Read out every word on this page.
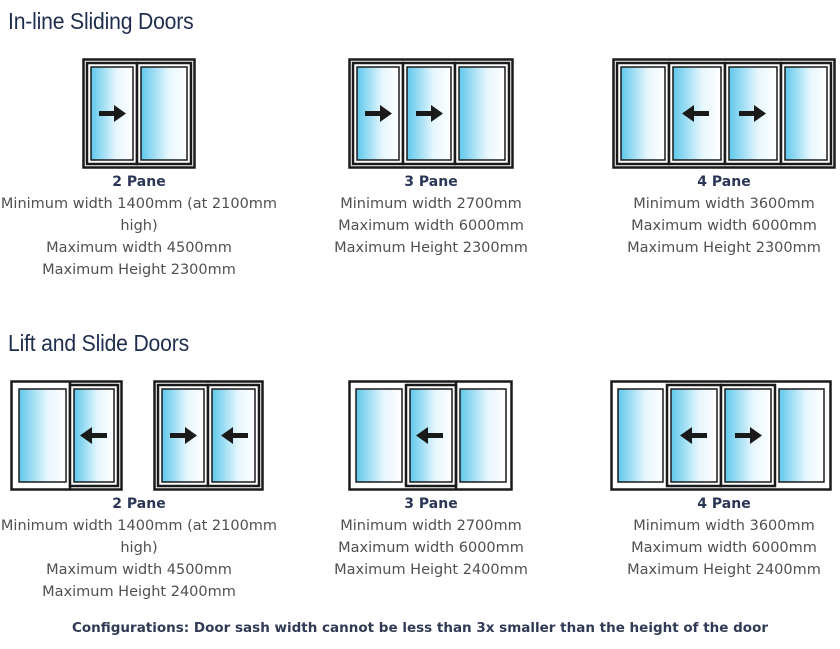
In-line Sliding Doors
2 Pane
Minimum width 1400mm (at 2100mm
high)
Maximum width 4500mm
Maximum Height 2300mm
3 Pane
Minimum width 2700mm
Maximum width 6000mm
Maximum Height 2300mm
4 Pane
Minimum width 3600mm
Maximum width 6000mm
Maximum Height 2300mm
Lift and Slide Doors
2 Pane
Minimum width 1400mm (at 2100mm
high)
Maximum width 4500mm
Maximum Height 2400mm
3 Pane
Minimum width 2700mm
Maximum width 6000mm
Maximum Height 2400mm
4 Pane
Minimum width 3600mm
Maximum width 6000mm
Maximum Height 2400mm
Configurations: Door sash width cannot be less than 3x smaller than the height of the door
